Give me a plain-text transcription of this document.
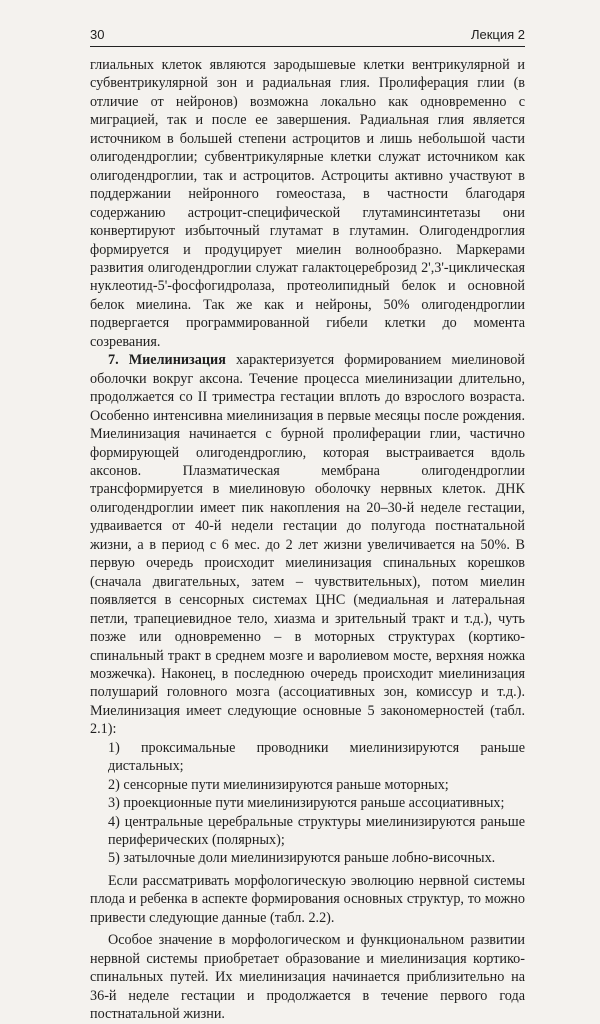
30	Лекция 2

глиальных клеток являются зародышевые клетки вентрикулярной и субвентрикулярной зон и радиальная глия. Пролиферация глии (в отличие от нейронов) возможна локально как одновременно с миграцией, так и после ее завершения. Радиальная глия является источником в большей степени астроцитов и лишь небольшой части олигодендроглии; субвентрикулярные клетки служат источником как олигодендроглии, так и астроцитов. Астроциты активно участвуют в поддержании нейронного гомеостаза, в частности благодаря содержанию астроцит-специфической глутаминсинтетазы они конвертируют избыточный глутамат в глутамин. Олигодендроглия формируется и продуцирует миелин волнообразно. Маркерами развития олигодендроглии служат галактоцереброзид 2',3'-циклическая нуклеотид-5'-фосфогидролаза, протеолипидный белок и основной белок миелина. Так же как и нейроны, 50% олигодендроглии подвергается программированной гибели клетки до момента созревания.

7. Миелинизация характеризуется формированием миелиновой оболочки вокруг аксона. Течение процесса миелинизации длительно, продолжается со II триместра гестации вплоть до взрослого возраста. Особенно интенсивна миелинизация в первые месяцы после рождения. Миелинизация начинается с бурной пролиферации глии, частично формирующей олигодендроглию, которая выстраивается вдоль аксонов. Плазматическая мембрана олигодендроглии трансформируется в миелиновую оболочку нервных клеток. ДНК олигодендроглии имеет пик накопления на 20–30-й неделе гестации, удваивается от 40-й недели гестации до полугода постнатальной жизни, а в период с 6 мес. до 2 лет жизни увеличивается на 50%. В первую очередь происходит миелинизация спинальных корешков (сначала двигательных, затем – чувствительных), потом миелин появляется в сенсорных системах ЦНС (медиальная и латеральная петли, трапециевидное тело, хиазма и зрительный тракт и т.д.), чуть позже или одновременно – в моторных структурах (кортико-спинальный тракт в среднем мозге и варолиевом мосте, верхняя ножка мозжечка). Наконец, в последнюю очередь происходит миелинизация полушарий головного мозга (ассоциативных зон, комиссур и т.д.). Миелинизация имеет следующие основные 5 закономерностей (табл. 2.1):

1) проксимальные проводники миелинизируются раньше дистальных;

2) сенсорные пути миелинизируются раньше моторных;

3) проекционные пути миелинизируются раньше ассоциативных;

4) центральные церебральные структуры миелинизируются раньше периферических (полярных);

5) затылочные доли миелинизируются раньше лобно-височных.

Если рассматривать морфологическую эволюцию нервной системы плода и ребенка в аспекте формирования основных структур, то можно привести следующие данные (табл. 2.2).

Особое значение в морфологическом и функциональном развитии нервной системы приобретает образование и миелинизация кортико-спинальных путей. Их миелинизация начинается приблизительно на 36-й неделе гестации и продолжается в течение первого года постнатальной жизни.
